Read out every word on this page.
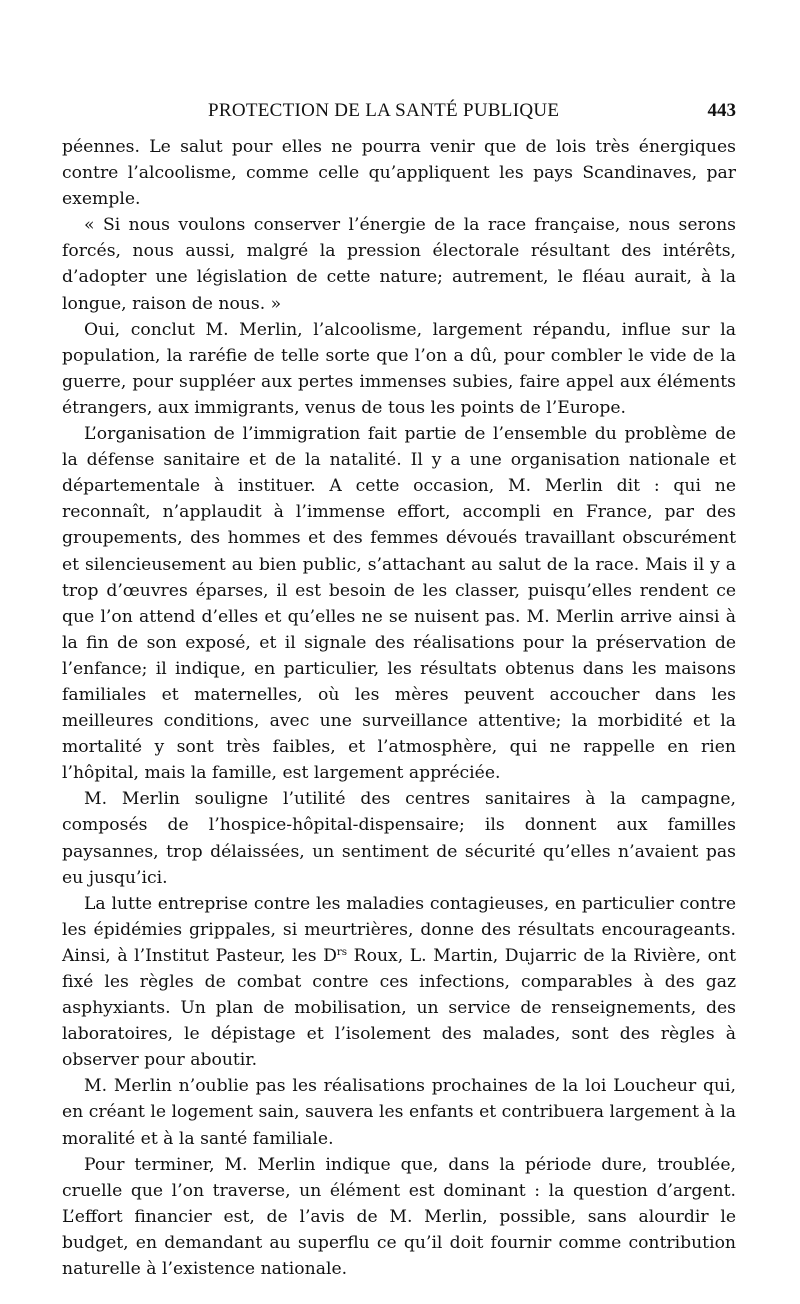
PROTECTION DE LA SANTÉ PUBLIQUE	443

péennes. Le salut pour elles ne pourra venir que de lois très énergiques contre l’alcoolisme, comme celle qu’appliquent les pays Scandinaves, par exemple.

« Si nous voulons conserver l’énergie de la race française, nous serons forcés, nous aussi, malgré la pression électorale résultant des intérêts, d’adopter une législation de cette nature; autrement, le fléau aurait, à la longue, raison de nous. »

Oui, conclut M. Merlin, l’alcoolisme, largement répandu, influe sur la population, la raréfie de telle sorte que l’on a dû, pour combler le vide de la guerre, pour suppléer aux pertes immenses subies, faire appel aux éléments étrangers, aux immigrants, venus de tous les points de l’Europe.

L’organisation de l’immigration fait partie de l’ensemble du problème de la défense sanitaire et de la natalité. Il y a une organisation nationale et départementale à instituer. A cette occasion, M. Merlin dit : qui ne reconnaît, n’applaudit à l’immense effort, accompli en France, par des groupements, des hommes et des femmes dévoués travaillant obscurément et silencieusement au bien public, s’attachant au salut de la race. Mais il y a trop d’œuvres éparses, il est besoin de les classer, puisqu’elles rendent ce que l’on attend d’elles et qu’elles ne se nuisent pas. M. Merlin arrive ainsi à la fin de son exposé, et il signale des réalisations pour la préservation de l’enfance; il indique, en particulier, les résultats obtenus dans les maisons familiales et maternelles, où les mères peuvent accoucher dans les meilleures conditions, avec une surveillance attentive; la morbidité et la mortalité y sont très faibles, et l’atmosphère, qui ne rappelle en rien l’hôpital, mais la famille, est largement appréciée.

M. Merlin souligne l’utilité des centres sanitaires à la campagne, composés de l’hospice-hôpital-dispensaire; ils donnent aux familles paysannes, trop délaissées, un sentiment de sécurité qu’elles n’avaient pas eu jusqu’ici.

La lutte entreprise contre les maladies contagieuses, en particulier contre les épidémies grippales, si meurtrières, donne des résultats encourageants. Ainsi, à l’Institut Pasteur, les $D^{rs}$ Roux, L. Martin, Dujarric de la Rivière, ont fixé les règles de combat contre ces infections, comparables à des gaz asphyxiants. Un plan de mobilisation, un service de renseignements, des laboratoires, le dépistage et l’isolement des malades, sont des règles à observer pour aboutir.

M. Merlin n’oublie pas les réalisations prochaines de la loi Loucheur qui, en créant le logement sain, sauvera les enfants et contribuera largement à la moralité et à la santé familiale.

Pour terminer, M. Merlin indique que, dans la période dure, troublée, cruelle que l’on traverse, un élément est dominant : la question d’argent. L’effort financier est, de l’avis de M. Merlin, possible, sans alourdir le budget, en demandant au superflu ce qu’il doit fournir comme contribution naturelle à l’existence nationale.
